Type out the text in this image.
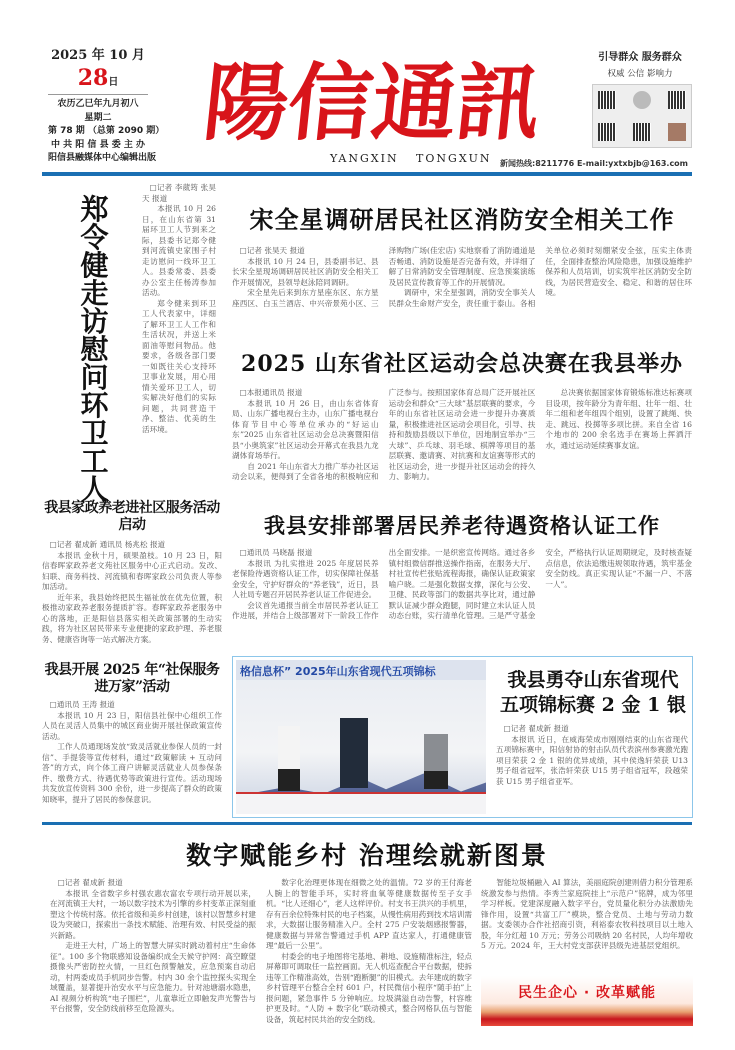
2025 年 10 月
28日
农历乙巳年九月初八
星期二
第 78 期 （总第 2090 期）
中 共 阳 信 县 委 主 办
阳信县融媒体中心编辑出版
陽信通訊
YANGXIN TONGXUN
引导群众 服务群众
权威 公信 影响力
新闻热线:8211776 E-mail:yxtxbjb@163.com
郑
令
健
走
访
慰
问
环
卫
工
人
□记者 李葳筠 张昊天 报道

本报讯 10 月 26 日，在山东省第 31 届环卫工人节到来之际，县委书记郑令健到河流镇史家围子村走访慰问一线环卫工人。县委常委、县委办公室主任杨涛参加活动。

郑令健来到环卫工人代表家中，详细了解环卫工人工作和生活状况，并送上米面油等慰问物品。他要求，各级各部门要一如既往关心支持环卫事业发展，用心用情关爱环卫工人，切实解决好他们的实际问题，共同营造干净、整洁、优美的生活环境。

宋全星调研居民社区消防安全相关工作
□记者 张昊天 报道

本报讯 10 月 24 日，县委副书记、县长宋全星现场调研居民社区消防安全相关工作开展情况，县领导赵泳陪同调研。

宋全星先后来到东方星座东区、东方星座西区、白玉兰酒店、中兴帝景苑小区、三泽购物广场(佳宏店) 实地察看了消防通道是否畅通、消防设施是否完备有效，并详细了解了日常消防安全管理制度、应急预案演练及居民宣传教育等工作的开展情况。

调研中，宋全星强调，消防安全事关人民群众生命财产安全，责任重于泰山。各相关单位必须时刻绷紧安全弦，压实主体责任，全面排查整治风险隐患，加强设施维护保养和人员培训，切实筑牢社区消防安全防线，为居民营造安全、稳定、和谐的居住环境。

2025 山东省社区运动会总决赛在我县举办
□本报通讯员 报道

本报讯 10 月 26 日，由山东省体育局、山东广播电视台主办，山东广播电视台体育节目中心等单位承办的“好运山东”2025 山东省社区运动会总决赛暨阳信县“小奥筑家”社区运动会开幕式在我县九龙湖体育场举行。

自 2021 年山东省大力推广举办社区运动会以来，便得到了全省各地的积极响应和广泛参与。按照国家体育总局广泛开展社区运动会和群众“三大球”基层联赛的要求，今年的山东省社区运动会进一步提升办赛质量，积极推进社区运动会项目化，引导、扶持和鼓励县级以下单位，因地制宜举办“三大球”、乒乓球、羽毛球、棋牌等项目的基层联赛、邀请赛、对抗赛和友谊赛等形式的社区运动会，进一步提升社区运动会的持久力、影响力。

总决赛依据国家体育锻炼标准达标赛项目设项，按年龄分为青年组、壮年一组、壮年二组和老年组四个组别，设置了跳绳、快走、跳远、投掷等多项比拼。来自全省 16 个地市的 200 余名选手在赛场上挥洒汗水，通过运动延续赛事友谊。

我县家政养老进社区服务活动启动
□记者 翟成新 通讯员 杨兆松 报道

本报讯 金秋十月，硕果盈枝。10 月 23 日，阳信春晖家政养老文苑社区服务中心正式启动。发改、妇联、商务科技、河流镇和春晖家政公司负责人等参加活动。

近年来，我县始终把民生福祉放在优先位置，积极推动家政养老服务提质扩容。春晖家政养老服务中心的落地，正是阳信县落实相关政策部署的生动实践，将为社区居民带来专业便捷的家政护理、养老服务、健康咨询等一站式解决方案。

我县开展 2025 年“社保服务进万家”活动
□通讯员 王涛 报道

本报讯 10 月 23 日，阳信县社保中心组织工作人员在灵活人员集中的城区商业街开展社保政策宣传活动。

工作人员通现场发放“致灵活就业参保人员的一封信”、手提袋等宣传材料，通过“政策解读 + 互动问答”的方式，向个体工商户讲解灵活就业人员参保条件、缴费方式、待遇优势等政策进行宣传。活动现场共发放宣传资料 300 余份，进一步提高了群众的政策知晓率，提升了居民的参保意识。

我县安排部署居民养老待遇资格认证工作
□通讯员 马晓磊 报道

本报讯 为扎实推进 2025 年度居民养老保险待遇资格认证工作，切实保障社保基金安全，守护好群众的“养老钱”，近日，县人社局专题召开居民养老认证工作促进会。

会议首先通报当前全市居民养老认证工作进展，并结合上级部署对下一阶段工作作出全面安排。一是织密宣传网络。通过各乡镇村组微信群推送操作指南，在服务大厅、村社宣传栏张贴流程海报，确保认证政策家喻户晓。二是强化数据支撑，深化与公安、卫健、民政等部门的数据共享比对，通过静默认证减少群众跑腿，同时建立未认证人员动态台账，实行清单化管理。三是严守基金安全，严格执行认证周期规定，及时核查疑点信息，依法追缴违规领取待遇，筑牢基金安全防线。真正实现认证“不漏一户、不落一人”。

格信息杯” 2025年山东省现代五项锦标	我县勇夺山东省现代
五项锦标赛 2 金 1 银
□记者 翟成新 报道

本报讯 近日，在威海荣成市刚刚结束的山东省现代五项锦标赛中，阳信射协的射击队员代表滨州参赛激光跑项目荣获 2 金 1 银的优异成绩，其中侯逸轩荣获 U13 男子组省冠军，张浩轩荣获 U15 男子组省冠军，段越荣获 U15 男子组省亚军。

数字赋能乡村 治理绘就新图景
□记者 翟成新 报道

本报讯 全省数字乡村强农惠农富农专项行动开展以来，在河流镇王大村，一场以数字技术为引擎的乡村变革正深刻重塑这个传统村落。依托省级和美乡村创建，该村以智慧乡村建设为突破口，探索出一条技术赋能、治理有效、村民受益的振兴新路。

走进王大村，广场上的智慧大屏实时跳动着村庄“生命体征”。100 多个物联感知设备编织成全天候守护网：高空瞭望摄像头严密防控火情，一旦红色预警触发，应急预案自动启动，村两委成员手机同步告警。村内 30 余个监控探头实现全域覆盖，显著提升治安水平与应急能力。针对池塘溺水隐患，AI 视频分析构筑“电子围栏”，儿童靠近立即触发声光警告与平台报警，安全防线前移至危险源头。

数字化治理更体现在细微之处的温情。72 岁的王付海老人腕上的智能手环，实时将血氧等健康数据传至子女手机。“比人还细心”，老人这样评价。村支书王洪兴的手机里，存有百余位特殊村民的电子档案，从慢性病用药到技术培训需求，大数据让服务精准入户。全村 275 户安装烟感报警器，健康数据与异常告警通过手机 APP 直达家人，打通健康管理“最后一公里”。

村委会的电子地图将宅基地、耕地、设施精准标注，轻点屏幕即可调取任一监控画面。无人机巡查配合平台数据，使拆违等工作精准高效，告别“跑断腿”的旧模式。去年建成的数字乡村管理平台整合全村 601 户，村民微信小程序“随手拍”上报问题，紧急事件 5 分钟响应。垃圾满溢自动告警，村容维护更及时。“人防 + 数字化”联动模式，整合网格队伍与智能设备，筑起村民共治的安全防线。

智能垃圾桶融入 AI 算法，美丽庭院创建则借力积分管理系统激发参与热情。李秀兰家庭院挂上“示范户”铭牌，成为邻里学习样板。党建深度融入数字平台，党员量化积分办法激励先锋作用，设置“共富工厂”模块，整合党员、土地与劳动力数据。支委领办合作社招商引资，利裕泰农牧科技项目以土地入股，年分红超 10 万元；劳务公司吸纳 20 名村民，人均年增收 5 万元。2024 年，王大村党支部获评县级先进基层党组织。

民生企心 · 改革赋能
